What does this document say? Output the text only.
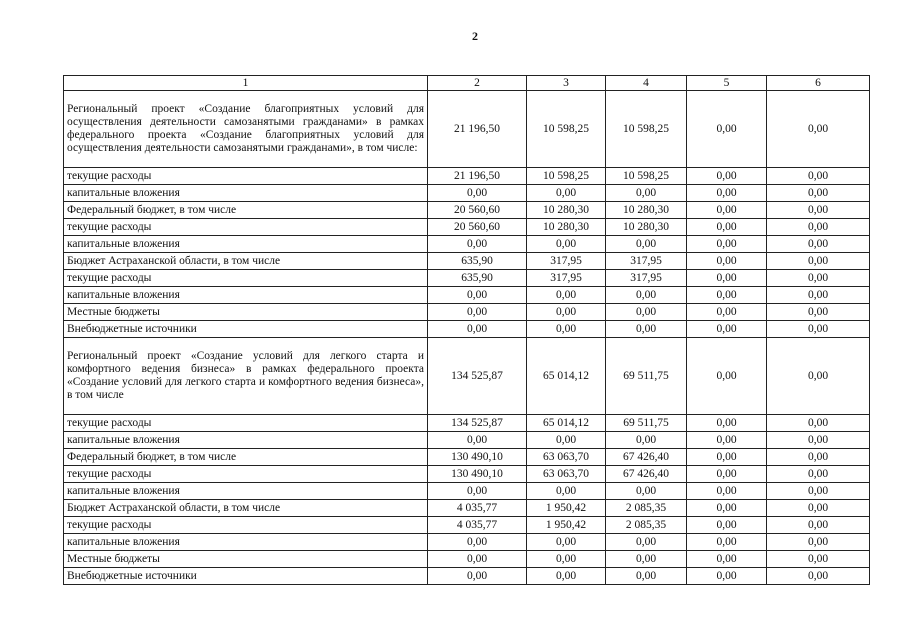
2
1	2	3	4	5	6
Региональный проект «Создание благоприятных условий для осуществления деятельности самозанятыми гражданами» в рамках федерального проекта «Создание благоприятных условий для осуществления деятельности самозанятыми гражданами», в том числе:	21 196,50	10 598,25	10 598,25	0,00	0,00
текущие расходы	21 196,50	10 598,25	10 598,25	0,00	0,00
капитальные вложения	0,00	0,00	0,00	0,00	0,00
Федеральный бюджет, в том числе	20 560,60	10 280,30	10 280,30	0,00	0,00
текущие расходы	20 560,60	10 280,30	10 280,30	0,00	0,00
капитальные вложения	0,00	0,00	0,00	0,00	0,00
Бюджет Астраханской области, в том числе	635,90	317,95	317,95	0,00	0,00
текущие расходы	635,90	317,95	317,95	0,00	0,00
капитальные вложения	0,00	0,00	0,00	0,00	0,00
Местные бюджеты	0,00	0,00	0,00	0,00	0,00
Внебюджетные источники	0,00	0,00	0,00	0,00	0,00
Региональный проект «Создание условий для легкого старта и комфортного ведения бизнеса» в рамках федерального проекта «Создание условий для легкого старта и комфортного ведения бизнеса», в том числе	134 525,87	65 014,12	69 511,75	0,00	0,00
текущие расходы	134 525,87	65 014,12	69 511,75	0,00	0,00
капитальные вложения	0,00	0,00	0,00	0,00	0,00
Федеральный бюджет, в том числе	130 490,10	63 063,70	67 426,40	0,00	0,00
текущие расходы	130 490,10	63 063,70	67 426,40	0,00	0,00
капитальные вложения	0,00	0,00	0,00	0,00	0,00
Бюджет Астраханской области, в том числе	4 035,77	1 950,42	2 085,35	0,00	0,00
текущие расходы	4 035,77	1 950,42	2 085,35	0,00	0,00
капитальные вложения	0,00	0,00	0,00	0,00	0,00
Местные бюджеты	0,00	0,00	0,00	0,00	0,00
Внебюджетные источники	0,00	0,00	0,00	0,00	0,00
